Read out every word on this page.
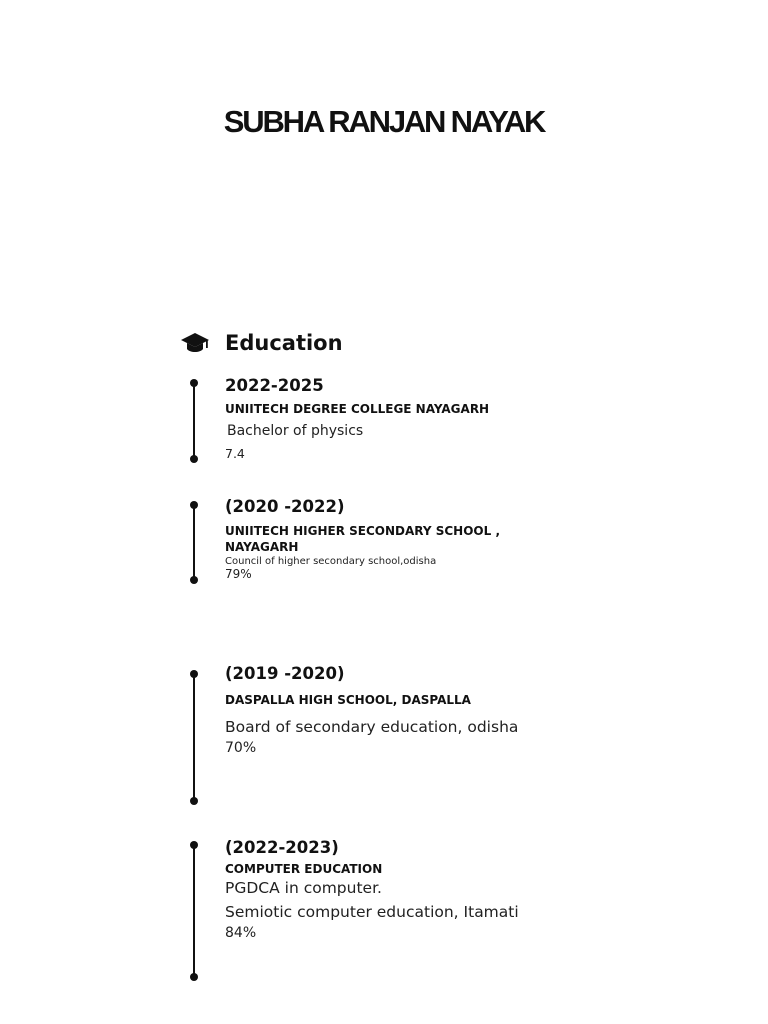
SUBHA RANJAN NAYAK
Education
2022-2025
UNIITECH DEGREE COLLEGE NAYAGARH
Bachelor of physics
7.4
(2020 -2022)
UNIITECH HIGHER SECONDARY SCHOOL ,
NAYAGARH
Council of higher secondary school,odisha
79%
(2019 -2020)
DASPALLA HIGH SCHOOL, DASPALLA
Board of secondary education, odisha
70%
(2022-2023)
COMPUTER EDUCATION
PGDCA in computer.
Semiotic computer education, Itamati
84%
